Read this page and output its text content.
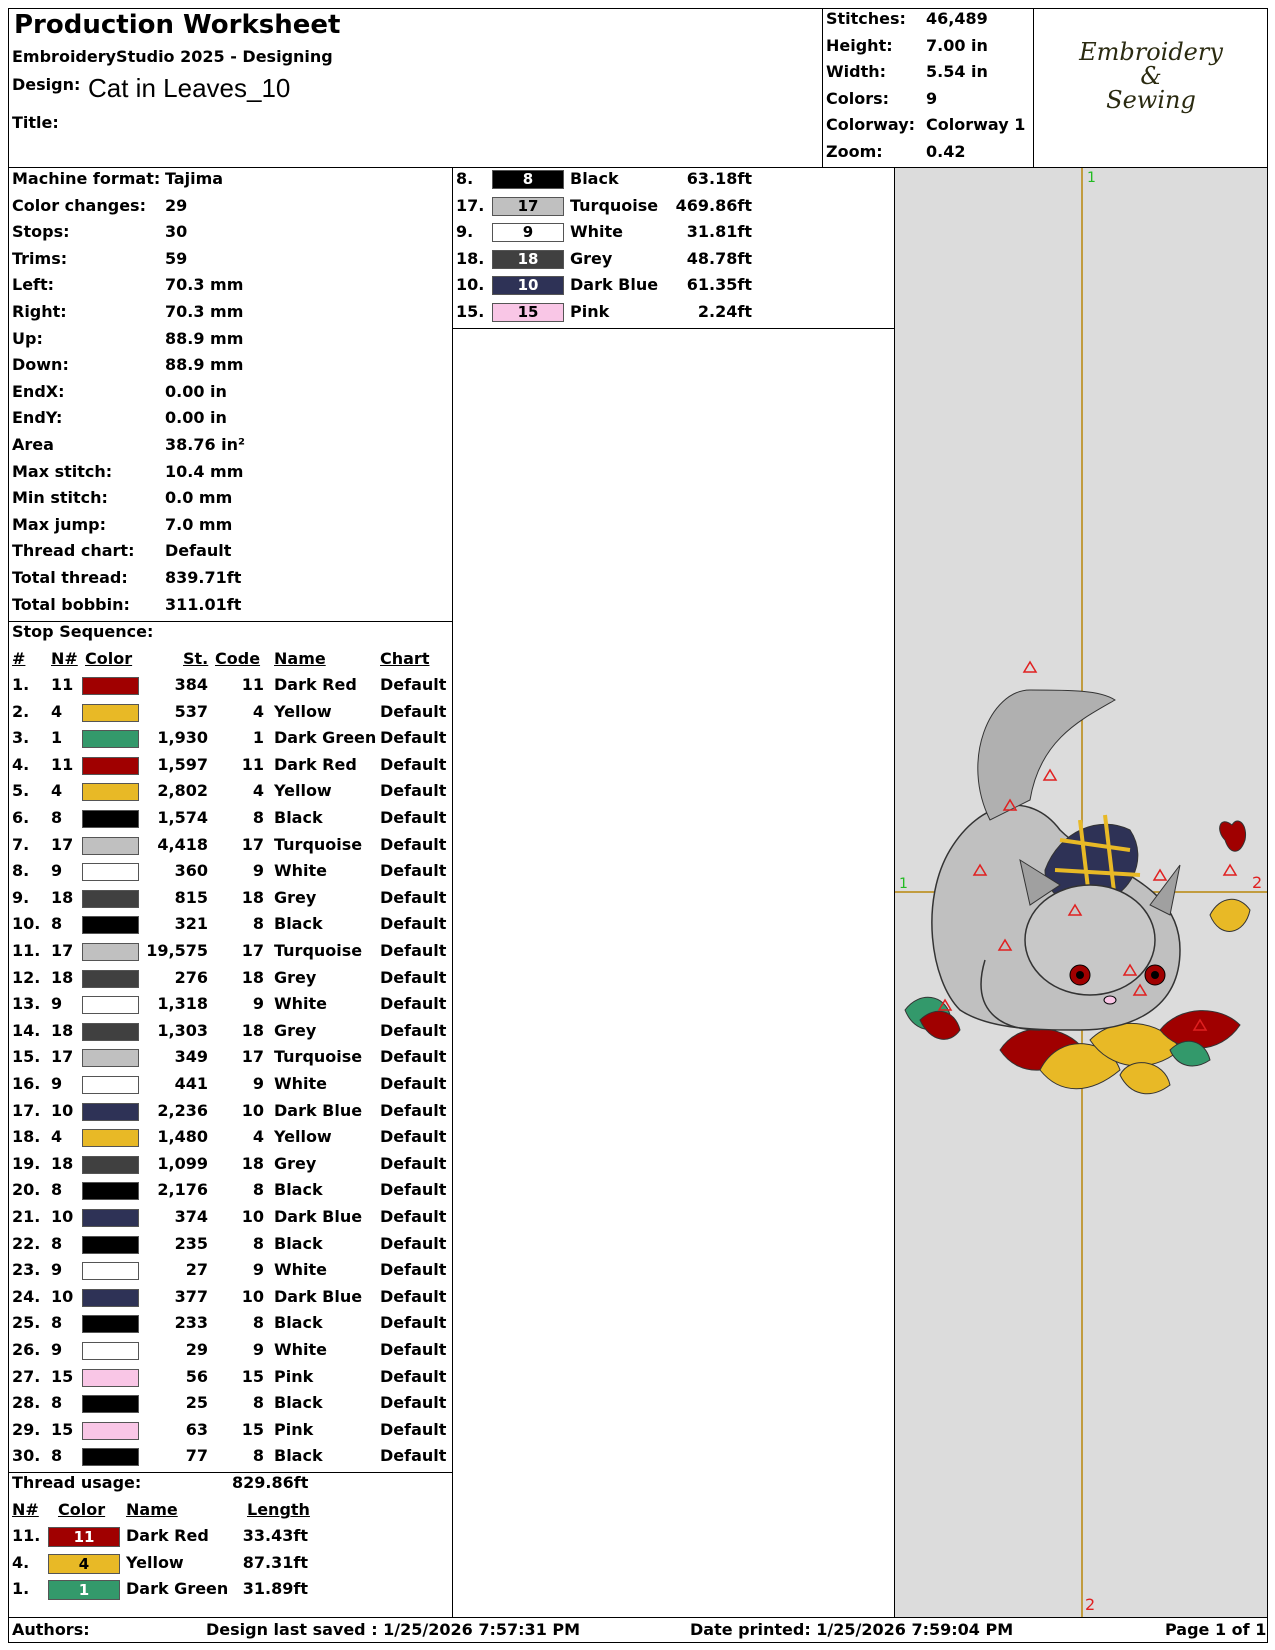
Production Worksheet
EmbroideryStudio 2025 - Designing
Design: Cat in Leaves_10
Title:
Stitches: 46,489
Height: 7.00 in
Width: 5.54 in
Colors: 9
Colorway: Colorway 1
Zoom:	0.42
Embroidery
&
Sewing
Machine format: Tajima
Color changes: 29
Stops:	30
Trims:	59
Left:	70.3 mm
Right:	70.3 mm
Up:	88.9 mm
Down:	88.9 mm
EndX:	0.00 in
EndY:	0.00 in
Area	38.76 in²
Max stitch:	10.4 mm
Min stitch:	0.0 mm
Max jump:	7.0 mm
Thread chart: Default
Total thread: 839.71ft
Total bobbin: 311.01ft
8.	8	Black	63.18ft
17.	17	Turquoise	469.86ft
9.	9	White	31.81ft
18.	18	Grey	48.78ft
10.	10	Dark Blue	61.35ft
15.	15	Pink	2.24ft
Stop Sequence:
# N# Color	St. Code Name	Chart
1. 11	384	11 Dark Red Default
2. 4	537	4 Yellow	Default
3. 1	1,930	1 Dark Green Default
4. 11	1,597	11 Dark Red Default
5. 4	2,802	4 Yellow	Default
6. 8	1,574	8 Black	Default
7. 17	4,418	17 Turquoise Default
8. 9	360	9 White	Default
9. 18	815	18 Grey	Default
10. 8	321	8 Black	Default
11. 17	19,575	17 Turquoise Default
12. 18	276	18 Grey	Default
13. 9	1,318	9 White	Default
14. 18	1,303	18 Grey	Default
15. 17	349	17 Turquoise Default
16. 9	441	9 White	Default
17. 10	2,236	10 Dark Blue Default
18. 4	1,480	4 Yellow	Default
19. 18	1,099	18 Grey	Default
20. 8	2,176	8 Black	Default
21. 10	374	10 Dark Blue Default
22. 8	235	8 Black	Default
23. 9	27	9 White	Default
24. 10	377	10 Dark Blue Default
25. 8	233	8 Black	Default
26. 9	29	9 White	Default
27. 15	56	15 Pink	Default
28. 8	25	8 Black	Default
29. 15	63	15 Pink	Default
30. 8	77	8 Black	Default
Thread usage:	829.86ft
N# Color Name	Length
11.	11	Dark Red	33.43ft
4.	4	Yellow	87.31ft
1.	1	Dark Green 31.89ft
1
1	2
2
Authors:	Design last saved : 1/25/2026 7:57:31 PM	Date printed: 1/25/2026 7:59:04 PM	Page 1 of 1
